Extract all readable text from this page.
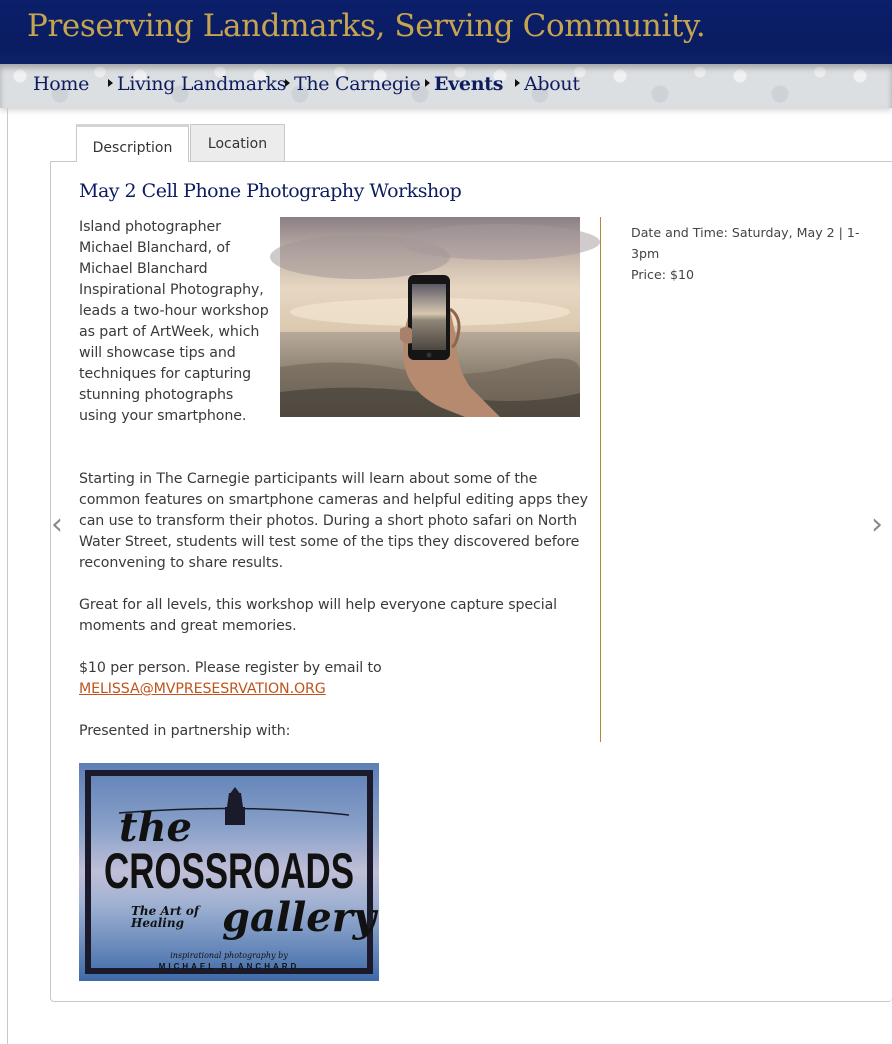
Preserving Landmarks, Serving Community.
Home	Living Landmarks The Carnegie Events	About
Description	Location
May 2 Cell Phone Photography Workshop
Island photographer Michael Blanchard, of Michael Blanchard Inspirational Photography, leads a two-hour workshop as part of ArtWeek, which will showcase tips and techniques for capturing stunning photographs using your smartphone.
Starting in The Carnegie participants will learn about some of the common features on smartphone cameras and helpful editing apps they can use to transform their photos. During a short photo safari on North Water Street, students will test some of the tips they discovered before reconvening to share results.
Great for all levels, this workshop will help everyone capture special moments and great memories.
$10 per person. Please register by email to
MELISSA@MVPRESESRVATION.ORG
Presented in partnership with:
Date and Time: Saturday, May 2 | 1-3pm
Price: $10
the
CROSSROADS
The Art of
Healing gallery
inspirational photography by
MICHAEL BLANCHARD
‹	›
